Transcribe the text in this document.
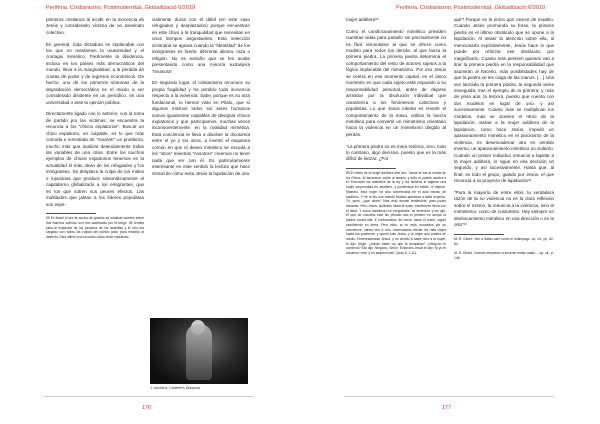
Periféria. Cristianismo, Postmodernitat, Globalització 6/2019

primeros cristianos al incidir en la inocencia de Jesús y considerarlo víctima de un asesinato colectivo.

En general, toda dictadura es implacable con los que no mantienen la unanimidad y el contagio mimético. Fácilmente la disidencia, incluso en los países más democráticos del mundo, lleva a la marginalidad, a la pérdida de cuotas de poder y de ingresos económicos. De hecho, uno de los primeros síntomas de la degradación democrática es el miedo a ser considerado disidente en un periódico, en una universidad o ante la opinión pública.

Directamente ligado con lo anterior, con la toma de partido por las víctimas, se encuentra la renuncia a los “chivos expiatorios”. Buscar un chivo expiatorio, un culpable, es lo que más comoda e inmediata de “resolver” un problema, mucho más que analizar detenidamente todas las variables de una crisis. Entre los muchos ejemplos de chivos expiatorios tenemos en la actualidad el más obvio de los refugiados y los inmigrantes. Se desplaza la culpa de los males e injusticias que produce sistemáticamente el capitalismo globalizado a los emigrantes, que en los que sufren sus peores efectos. Las multitudes que jalean a los líderes populistas son espe-

59 En Israel el día de acción de gracias se echaban suertes sobre dos machos cabríos; uno era sacrificado por el fuego. Se remitía para la expiación de los pecados de los israelitas y el otro era cargado con todos los culpas del pueblo judío para enviarlo al desierto. Este último era conocido como chivo expiatorio.

cialmente duras con el débil (en este caso refugiados y desplazados) porque encuentran en este chivo a la tranquilidad que necesitan en unos tiempos angustiantes. Esta selección victimaria se agrava cuando la “identidad” de los inmigrantes es fuerte: diferente idioma, raza o religión. No es extraño que se les acabe presentando como una minoría extranjera “invasora”.

En segundo lugar, el cristianismo reconoce su propia fragilidad y ha perdido toda inocencia respecto a la violencia. Sabe, porque es su acta fundacional, lo hemos visto en Pilato, que sí algunos mismos todos los seres humanos somos igualmente culpables de designar chivos expiatorios y que participamos, muchas veces inconscientemente, en la rivalidad mimética. Esta conciencia le lleva a disolver la dicotomía entre el yo y los otros, a invertir el esquema común en que el deseo mimético se escuda a los “otros” mientras “nosotros” creemos no tener nada que ver con él. Es particularmente interesante en este sentido la lectura que hace Girard de cómo evita Jesús la lapidación de una

J. Ansellus, Crédere's Diaspora
176
Periféria. Cristianismo, Postmodernitat, Globalització 6/2019

mujer adúltera⁶⁰.

Como el condicionamiento mimético presiden nuestras vidas para pasarlo sin precisamente no es fácil remontarse al que se ofrece como modelo para todos los demás, al que lanza la primera piedra. La primera piedra determina el comportamiento del resto de actores sujetos a la lógica implacable del mimetismo. Por eso Jesús se centra en ese momento capital, en el único momento en que cada sujeto está expuesto a su responsabilidad personal, antes de dejarse arrastrar por la disolución individual que caracteriza a los fenómenos colectivos y populistas. Lo que Jesús intenta es revertir el comportamiento de la masa, utilizar la fuerza mimética para convertir un mimetismo orientado hacia la violencia en un mimetismo dirigido al perdón.

“La primera piedra no es mera retórica, sino, todo lo contrario, algo decisivo, puesto que es la más difícil de lanzar. ¿Por

59 El relato de la mujer adúltera dice así: “Jesús se fue al monte de los Olivos. Al amanecer volvió al templo, y todo el pueblo acudía a él. Entonces los maestros de la ley y los fariseos le trajeron una mujer sorprendida en adulterio, y poniéndola en medio, le dijeron: Maestro, esta mujer ha sido sorprendida en el acto mismo de adulterio. Y en la ley nos mandó Moisés apedrear a tales mujeres. Tú, pues, ¿qué dices? Mas esto decían tentándole, para poder acusarle. Pero Jesús, inclinado hacia el suelo, escribía en tierra con el dedo. Y como insistieran en preguntarle, se enderezó y les dijo: El que de vosotros esté sin pecado sea el primero en arrojar la piedra contra ella. E inclinándose de nuevo hacia el suelo, siguió escribiendo en tierra. Pero ellos, al oír esto, acusados por su conciencia, salían uno a uno, comenzando desde los más viejos hasta los postreros; y quedó solo Jesús, y la mujer que estaba en medio. Enderezándose Jesús, y no viendo a nadie sino a la mujer, le dijo: Mujer, ¿dónde están los que te acusaban? ¿Ninguno te condenó? Ella dijo: Ninguno, Señor. Entonces Jesús le dijo: Ni yo te condeno; vete, y no peques más” (Juan 8, 1-11).

qué? Porque es la única que carece de modelo. Cuando Jesús promunda su frase, la primera piedra es el último obstáculo que se opone a la lapidación. Al atraer la atención sobre ella, al mencionarla explícitamente, Jesús hace lo que puede por reforzar ese obstáculo, por magnificarlo. Cuanto más piensen quienes van a tirar la primera piedra en la responsabilidad que asumirán al hacerlo, más posibilidades hay de que la piedra se les caiga de las manos. […] Una vez lanzada la primera piedra, la segunda viene enseguida, tras el ejemplo de la primera; y más de prisa aún, la tercera, puesto que cuenta con dos modelos en lugar de uno, y así sucesivamente. Cuanto más se multiplican los modelos, más se acelera el ritmo de la lapidación. Salvar a la mujer adúltera de la lapidación, como hace Jesús, impedir un apasionamiento mimético en el paroxismo de la violencia, es desencadenar otro en sentido inverso, un apasionamiento mimético no violento. Cuando un primer individuo renuncia a lapidar a la mujer adúltera, lo sigue en esa decisión un segundo, y así sucesivamente. Hasta que, al final, es todo el grupo, guiado por Jesús, el que renuncia a su proyecto de lapidación⁶¹.

“Para la mayoría de entre ellos, la verdadera razón de la no violencia no es la clara reflexión sobre sí mismo, la renuncia a la violencia, sino el mimetismo, como de costumbre. Hay siempre un desbocamiento mimético en una dirección o en la otra”⁶².

60 R. Girard, Veo a Satán caer como el relámpago, op. cit., pp. 82-84.

61 R. Girard, Cuando empiecen a suceder estas cosas..., op. cit., p. 146.

177
